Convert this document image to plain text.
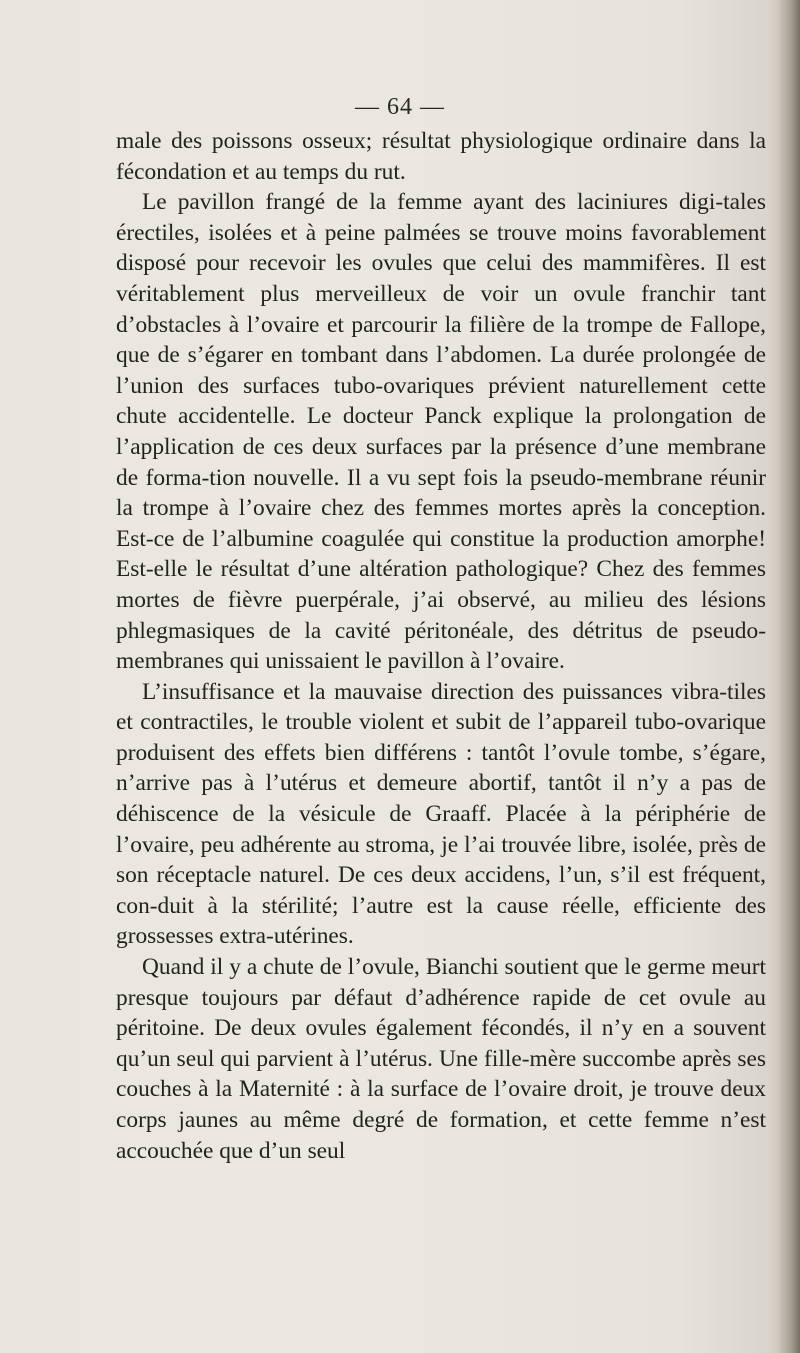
— 64 —

male des poissons osseux; résultat physiologique ordinaire dans la fécondation et au temps du rut.

Le pavillon frangé de la femme ayant des laciniures digi-tales érectiles, isolées et à peine palmées se trouve moins favorablement disposé pour recevoir les ovules que celui des mammifères. Il est véritablement plus merveilleux de voir un ovule franchir tant d’obstacles à l’ovaire et parcourir la filière de la trompe de Fallope, que de s’égarer en tombant dans l’abdomen. La durée prolongée de l’union des surfaces tubo-ovariques prévient naturellement cette chute accidentelle. Le docteur Panck explique la prolongation de l’application de ces deux surfaces par la présence d’une membrane de forma-tion nouvelle. Il a vu sept fois la pseudo-membrane réunir la trompe à l’ovaire chez des femmes mortes après la conception. Est-ce de l’albumine coagulée qui constitue la production amorphe! Est-elle le résultat d’une altération pathologique? Chez des femmes mortes de fièvre puerpérale, j’ai observé, au milieu des lésions phlegmasiques de la cavité péritonéale, des détritus de pseudo-membranes qui unissaient le pavillon à l’ovaire.

L’insuffisance et la mauvaise direction des puissances vibra-tiles et contractiles, le trouble violent et subit de l’appareil tubo-ovarique produisent des effets bien différens : tantôt l’ovule tombe, s’égare, n’arrive pas à l’utérus et demeure abortif, tantôt il n’y a pas de déhiscence de la vésicule de Graaff. Placée à la périphérie de l’ovaire, peu adhérente au stroma, je l’ai trouvée libre, isolée, près de son réceptacle naturel. De ces deux accidens, l’un, s’il est fréquent, con-duit à la stérilité; l’autre est la cause réelle, efficiente des grossesses extra-utérines.

Quand il y a chute de l’ovule, Bianchi soutient que le germe meurt presque toujours par défaut d’adhérence rapide de cet ovule au péritoine. De deux ovules également fécondés, il n’y en a souvent qu’un seul qui parvient à l’utérus. Une fille-mère succombe après ses couches à la Maternité : à la surface de l’ovaire droit, je trouve deux corps jaunes au même degré de formation, et cette femme n’est accouchée que d’un seul
